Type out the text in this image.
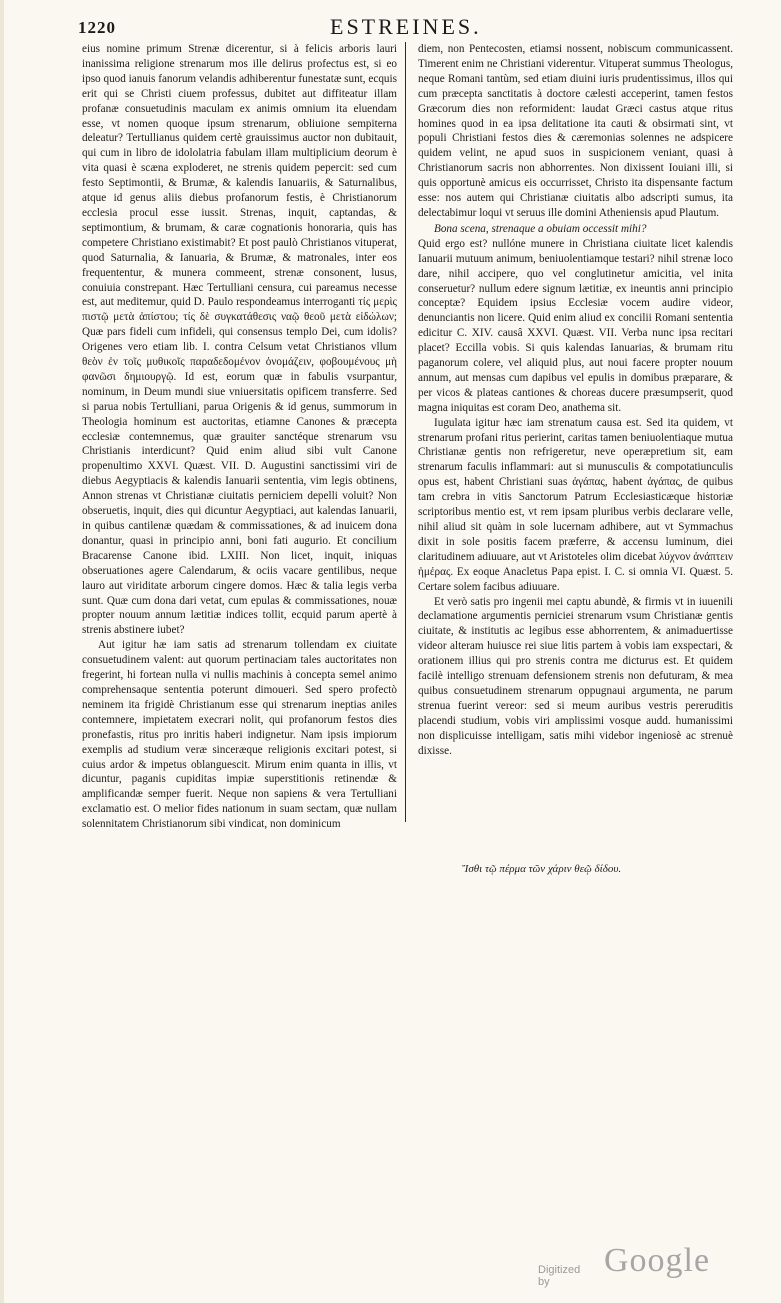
1220	ESTREINES.

eius nomine primum Strenæ dicerentur, si à felicis arboris lauri inanissima religione strenarum mos ille delirus profectus est, si eo ipso quod ianuis fanorum velandis adhiberentur funestatæ sunt, ecquis erit qui se Christi ciuem professus, dubitet aut diffiteatur illam profanæ consuetudinis maculam ex animis omnium ita eluendam esse, vt nomen quoque ipsum strenarum, obliuione sempiterna deleatur? Tertullianus quidem certè grauissimus auctor non dubitauit, qui cum in libro de idololatria fabulam illam multiplicium deorum è vita quasi è scæna exploderet, ne strenis quidem pepercit: sed cum festo Septimontii, & Brumæ, & kalendis Ianuariis, & Saturnalibus, atque id genus aliis diebus profanorum festis, è Christianorum ecclesia procul esse iussit. Strenas, inquit, captandas, & septimontium, & brumam, & caræ cognationis honoraria, quis has competere Christiano existimabit? Et post paulò Christianos vituperat, quod Saturnalia, & Ianuaria, & Brumæ, & matronales, inter eos frequententur, & munera commeent, strenæ consonent, lusus, conuiuia constrepant. Hæc Tertulliani censura, cui pareamus necesse est, aut meditemur, quid D. Paulo respondeamus interroganti τίς μερὶς πιστῷ μετὰ ἀπίστου; τίς δὲ συγκατάθεσις ναῷ θεοῦ μετὰ εἰδώλων; Quæ pars fideli cum infideli, qui consensus templo Dei, cum idolis? Origenes vero etiam lib. I. contra Celsum vetat Christianos vllum θεὸν ἐν τοῖς μυθικοῖς παραδεδομένον ὀνομάζειν, φοβουμένους μὴ φανῶσι δημιουργῷ. Id est, eorum quæ in fabulis vsurpantur, nominum, in Deum mundi siue vniuersitatis opificem transferre. Sed si parua nobis Tertulliani, parua Origenis & id genus, summorum in Theologia hominum est auctoritas, etiamne Canones & præcepta ecclesiæ contemnemus, quæ grauiter sanctéque strenarum vsu Christianis interdicunt? Quid enim aliud sibi vult Canone propenultimo XXVI. Quæst. VII. D. Augustini sanctissimi viri de diebus Aegyptiacis & kalendis Ianuarii sententia, vim legis obtinens, Annon strenas vt Christianæ ciuitatis perniciem depelli voluit? Non obseruetis, inquit, dies qui dicuntur Aegyptiaci, aut kalendas Ianuarii, in quibus cantilenæ quædam & commissationes, & ad inuicem dona donantur, quasi in principio anni, boni fati augurio. Et concilium Bracarense Canone ibid. LXIII. Non licet, inquit, iniquas obseruationes agere Calendarum, & ociis vacare gentilibus, neque lauro aut viriditate arborum cingere domos. Hæc & talia legis verba sunt. Quæ cum dona dari vetat, cum epulas & commissationes, nouæ propter nouum annum lætitiæ indices tollit, ecquid parum apertè à strenis abstinere iubet?

Aut igitur hæ iam satis ad strenarum tollendam ex ciuitate consuetudinem valent: aut quorum pertinaciam tales auctoritates non fregerint, hi fortean nulla vi nullis machinis à concepta semel animo comprehensaque sententia poterunt dimoueri. Sed spero profectò neminem ita frigidè Christianum esse qui strenarum ineptias aniles contemnere, impietatem execrari nolit, qui profanorum festos dies pronefastis, ritus pro inritis haberi indignetur. Nam ipsis impiorum exemplis ad studium veræ sinceræque religionis excitari potest, si cuius ardor & impetus oblanguescit. Mirum enim quanta in illis, vt dicuntur, paganis cupiditas impiæ superstitionis retinendæ & amplificandæ semper fuerit. Neque non sapiens & vera Tertulliani exclamatio est. O melior fides nationum in suam sectam, quæ nullam solennitatem Christianorum sibi vindicat, non dominicum

diem, non Pentecosten, etiamsi nossent, nobiscum communicassent. Timerent enim ne Christiani viderentur. Vituperat summus Theologus, neque Romani tantùm, sed etiam diuini iuris prudentissimus, illos qui cum præcepta sanctitatis à doctore cælesti acceperint, tamen festos Græcorum dies non reformident: laudat Græci castus atque ritus homines quod in ea ipsa delitatione ita cauti & obsirmati sint, vt populi Christiani festos dies & cæremonias solennes ne adspicere quidem velint, ne apud suos in suspicionem veniant, quasi à Christianorum sacris non abhorrentes. Non dixissent Iouiani illi, si quis opportunè amicus eis occurrisset, Christo ita dispensante factum esse: nos autem qui Christianæ ciuitatis albo adscripti sumus, ita delectabimur loqui vt seruus ille domini Atheniensis apud Plautum.

Bona scena, strenaque a obuiam occessit mihi?

Quid ergo est? nullóne munere in Christiana ciuitate licet kalendis Ianuarii mutuum animum, beniuolentiamque testari? nihil strenæ loco dare, nihil accipere, quo vel conglutinetur amicitia, vel inita conseruetur? nullum edere signum lætitiæ, ex ineuntis anni principio conceptæ? Equidem ipsius Ecclesiæ vocem audire videor, denunciantis non licere. Quid enim aliud ex concilii Romani sententia edicitur C. XIV. causâ XXVI. Quæst. VII. Verba nunc ipsa recitari placet? Eccilla vobis. Si quis kalendas Ianuarias, & brumam ritu paganorum colere, vel aliquid plus, aut noui facere propter nouum annum, aut mensas cum dapibus vel epulis in domibus præparare, & per vicos & plateas cantiones & choreas ducere præsumpserit, quod magna iniquitas est coram Deo, anathema sit.

Iugulata igitur hæc iam strenatum causa est. Sed ita quidem, vt strenarum profani ritus perierint, caritas tamen beniuolentiaque mutua Christianæ gentis non refrigeretur, neve operæpretium sit, eam strenarum faculis inflammari: aut si munusculis & compotatiunculis opus est, habent Christiani suas ἀγάπας, habent ἀγάπας, de quibus tam crebra in vitis Sanctorum Patrum Ecclesiasticæque historiæ scriptoribus mentio est, vt rem ipsam pluribus verbis declarare velle, nihil aliud sit quàm in sole lucernam adhibere, aut vt Symmachus dixit in sole positis facem præferre, & accensu luminum, diei claritudinem adiuuare, aut vt Aristoteles olim dicebat λύχνον ἀνάπτειν ἡμέρας. Ex eoque Anacletus Papa epist. I. C. si omnia VI. Quæst. 5. Certare solem facibus adiuuare.

Et verò satis pro ingenii mei captu abundè, & firmis vt in iuuenili declamatione argumentis perniciei strenarum vsum Christianæ gentis ciuitate, & institutis ac legibus esse abhorrentem, & animaduertisse videor alteram huiusce rei siue litis partem à vobis iam exspectari, & orationem illius qui pro strenis contra me dicturus est. Et quidem facilè intelligo strenuam defensionem strenis non defuturam, & mea quibus consuetudinem strenarum oppugnaui argumenta, ne parum strenua fuerint vereor: sed si meum auribus vestris pereruditis placendi studium, vobis viri amplissimi vosque audd. humanissimi non displicuisse intelligam, satis mihi videbor ingeniosè ac strenuè dixisse.

Ἴσθι τῷ πέρμα τῶν χάριν θεῷ δίδου.
Digitized by
Google
